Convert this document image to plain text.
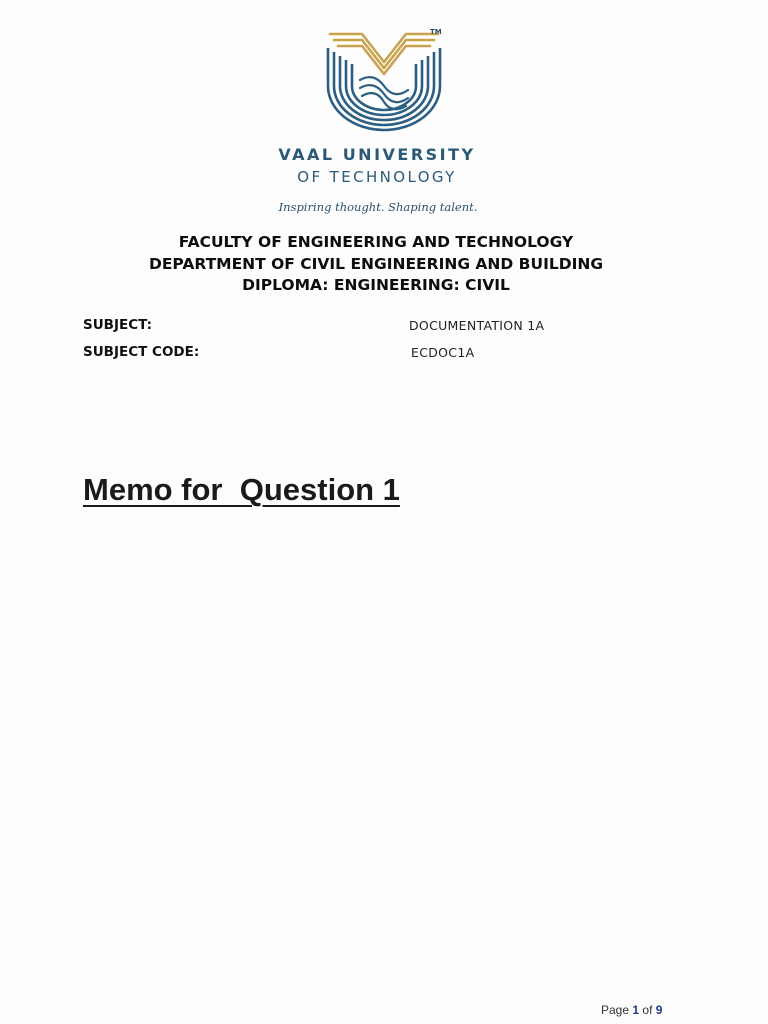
TM
VAAL UNIVERSITY
OF TECHNOLOGY
Inspiring thought. Shaping talent.
FACULTY OF ENGINEERING AND TECHNOLOGY
DEPARTMENT OF CIVIL ENGINEERING AND BUILDING
DIPLOMA: ENGINEERING: CIVIL
SUBJECT:	DOCUMENTATION 1A
SUBJECT CODE:	ECDOC1A
Memo for  Question 1
Page 1 of 9
